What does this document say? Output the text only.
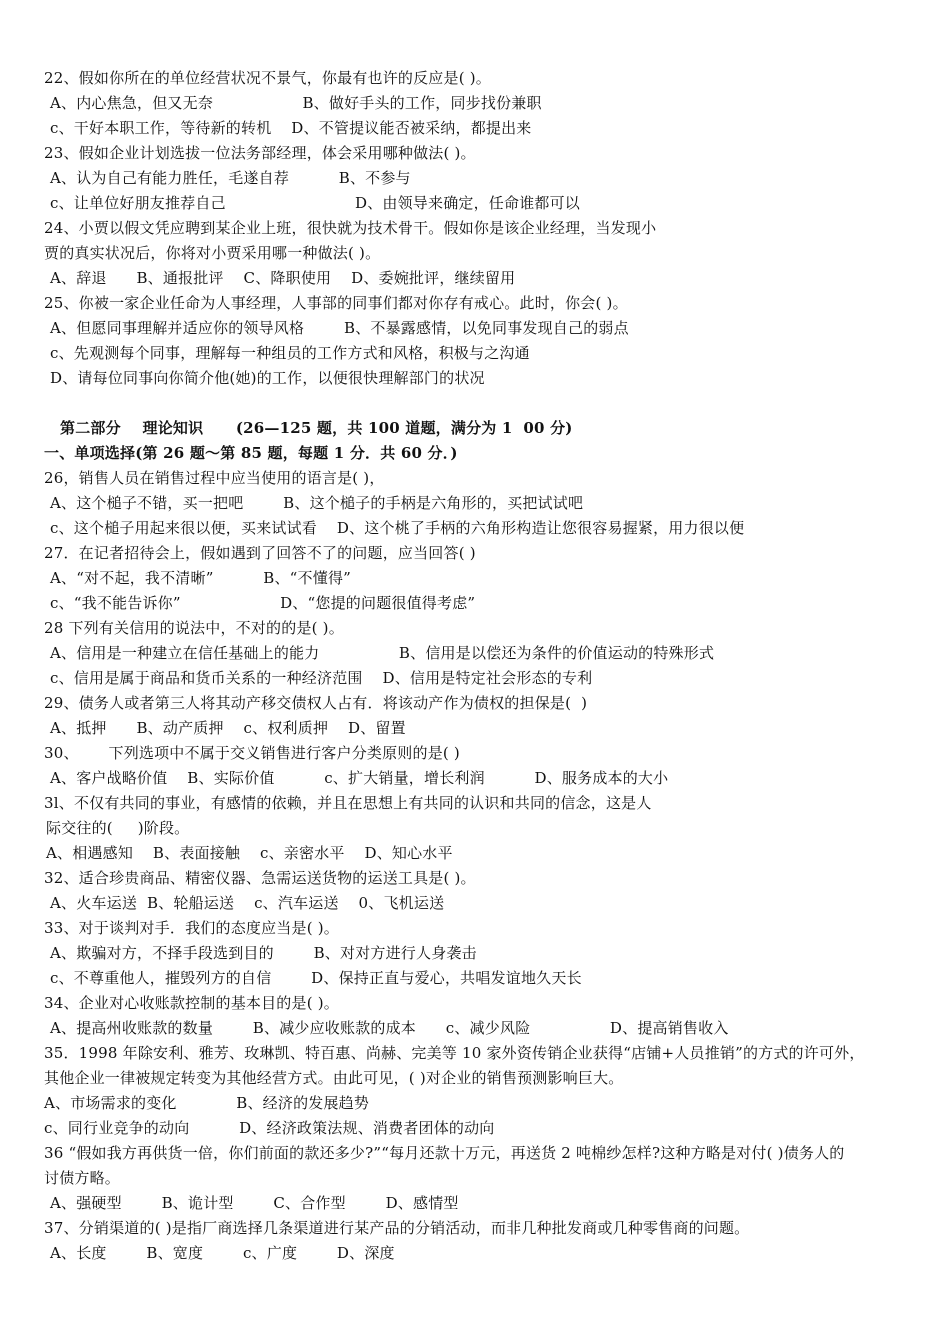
22、假如你所在的单位经营状况不景气，你最有也许的反应是( )。
A、内心焦急，但又无奈                  B、做好手头的工作，同步找份兼职
c、干好本职工作，等待新的转机    D、不管提议能否被采纳，都提出来
23、假如企业计划选拔一位法务部经理，体会采用哪种做法( )。
A、认为自己有能力胜任，毛遂自荐          B、不参与
c、让单位好朋友推荐自己                          D、由领导来确定，任命谁都可以
24、小贾以假文凭应聘到某企业上班，很快就为技术骨干。假如你是该企业经理，当发现小
贾的真实状况后，你将对小贾采用哪一种做法( )。
A、辞退      B、通报批评    C、降职使用    D、委婉批评，继续留用
25、你被一家企业任命为人事经理，人事部的同事们都对你存有戒心。此时，你会( )。
A、但愿同事理解并适应你的领导风格        B、不暴露感情，以免同事发现自己的弱点
c、先观测每个同事，理解每一种组员的工作方式和风格，积极与之沟通
D、请每位同事向你简介他(她)的工作，以便很快理解部门的状况
第二部分    理论知识      (26—125 题，共 100 道题，满分为 1  00 分)
一、单项选择(第 26 题～第 85 题，每题 1 分．共 60 分．)
26，销售人员在销售过程中应当使用的语言是( )，
A、这个槌子不错，买一把吧        B、这个槌子的手柄是六角形的，买把试试吧
c、这个槌子用起来很以便，买来试试看    D、这个桃了手柄的六角形构造让您很容易握紧，用力很以便
27．在记者招待会上，假如遇到了回答不了的问题，应当回答( )
A、“对不起，我不清晰”          B、“不懂得”
c、“我不能告诉你”                    D、“您提的问题很值得考虑”
28 下列有关信用的说法中，不对的的是( )。
A、信用是一种建立在信任基础上的能力                B、信用是以偿还为条件的价值运动的特殊形式
c、信用是属于商品和货币关系的一种经济范围    D、信用是特定社会形态的专利
29、债务人或者第三人将其动产移交债权人占有．将该动产作为债权的担保是(  )
A、抵押      B、动产质押    c、权利质押    D、留置
30、      下列选项中不属于交义销售进行客户分类原则的是( )
A、客户战略价值    B、实际价值          c、扩大销量，增长利润          D、服务成本的大小
3l、不仅有共同的事业，有感情的依赖，并且在思想上有共同的认识和共同的信念，这是人
际交往的(     )阶段。
A、相遇感知    B、表面接触    c、亲密水平    D、知心水平
32、适合珍贵商品、精密仪器、急需运送货物的运送工具是( )。
A、火车运送  B、轮船运送    c、汽车运送    0、飞机运送
33、对于谈判对手．我们的态度应当是( )。
A、欺骗对方，不择手段选到目的        B、对对方进行人身袭击
c、不尊重他人，摧毁列方的自信        D、保持正直与爱心，共唱发谊地久天长
34、企业对心收账款控制的基本目的是( )。
A、提高州收账款的数量        B、减少应收账款的成本      c、减少风险                D、提高销售收入
35．1998 年除安利、雅芳、玫琳凯、特百惠、尚赫、完美等 10 家外资传销企业获得“店铺+人员推销”的方式的许可外，
其他企业一律被规定转变为其他经营方式。由此可见，( )对企业的销售预测影响巨大。
A、市场需求的变化            B、经济的发展趋势
c、同行业竞争的动向          D、经济政策法规、消费者团体的动向
36 “假如我方再供货一倍，你们前面的款还多少?”“每月还款十万元，再送货 2 吨棉纱怎样?这种方略是对付( )债务人的
讨债方略。
A、强硬型        B、诡计型        C、合作型        D、感情型
37、分销渠道的( )是指厂商选择几条渠道进行某产品的分销活动，而非几种批发商或几种零售商的问题。
A、长度        B、宽度        c、广度        D、深度
